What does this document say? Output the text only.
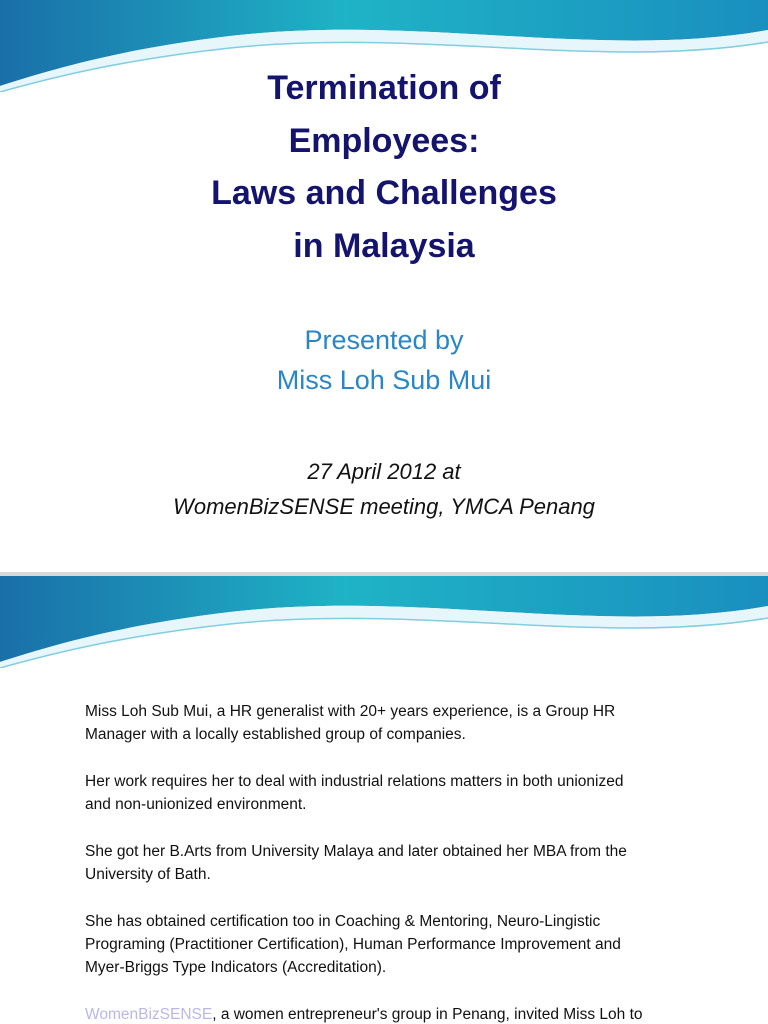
Termination of
Employees:
Laws and Challenges
in Malaysia
Presented by
Miss Loh Sub Mui
27 April 2012 at
WomenBizSENSE meeting, YMCA Penang

Miss Loh Sub Mui, a HR generalist with 20+ years experience, is a Group HR
Manager with a locally established group of companies.

Her work requires her to deal with industrial relations matters in both unionized
and non-unionized environment.

She got her B.Arts from University Malaya and later obtained her MBA from the
University of Bath.

She has obtained certification too in Coaching & Mentoring, Neuro-Lingistic
Programing (Practitioner Certification), Human Performance Improvement and
Myer-Briggs Type Indicators (Accreditation).

WomenBizSENSE, a women entrepreneur's group in Penang, invited Miss Loh to
